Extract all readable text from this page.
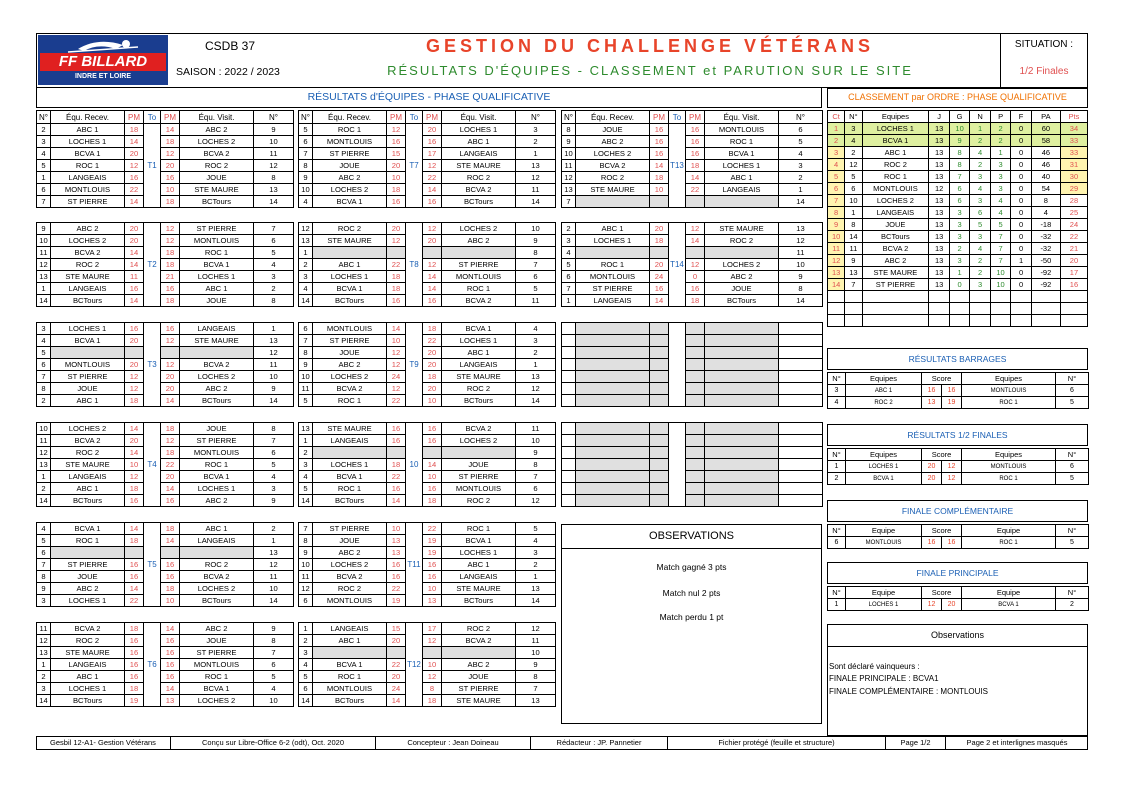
FF BILLARD
INDRE ET LOIRE
CSDB 37
SAISON : 2022 / 2023
GESTION DU CHALLENGE VÉTÉRANS
RÉSULTATS D'ÉQUIPES - CLASSEMENT et PARUTION SUR LE SITE
SITUATION :
1/2 Finales
RÉSULTATS d'ÉQUIPES - PHASE QUALIFICATIVE
N°	Équ. Recev.	PM	To	PM	Équ. Visit.	N°
2	ABC 1	18	T1	14	ABC 2	9
3	LOCHES 1	14		18	LOCHES 2	10
4	BCVA 1	20		12	BCVA 2	11
5	ROC 1	12		20	ROC 2	12
1	LANGEAIS	16		16	JOUE	8
6	MONTLOUIS	22		10	STE MAURE	13
7	ST PIERRE	14		18	BCTours	14
N°	Équ. Recev.	PM	To	PM	Équ. Visit.	N°
5	ROC 1	12	T7	20	LOCHES 1	3
6	MONTLOUIS	16		16	ABC 1	2
7	ST PIERRE	15		17	LANGEAIS	1
8	JOUE	20		12	STE MAURE	13
9	ABC 2	10		22	ROC 2	12
10	LOCHES 2	18		14	BCVA 2	11
4	BCVA 1	16		16	BCTours	14
N°	Équ. Recev.	PM	To	PM	Équ. Visit.	N°
8	JOUE	16	T13	16	MONTLOUIS	6
9	ABC 2	16		16	ROC 1	5
10	LOCHES 2	16		16	BCVA 1	4
11	BCVA 2	14		18	LOCHES 1	3
12	ROC 2	18		14	ABC 1	2
13	STE MAURE	10		22	LANGEAIS	1
7						14
9	ABC 2	20	T2	12	ST PIERRE	7
10	LOCHES 2	20		12	MONTLOUIS	6
11	BCVA 2	14		18	ROC 1	5
12	ROC 2	14		18	BCVA 1	4
13	STE MAURE	11		21	LOCHES 1	3
1	LANGEAIS	16		16	ABC 1	2
14	BCTours	14		18	JOUE	8
12	ROC 2	20	T8	12	LOCHES 2	10
13	STE MAURE	12		20	ABC 2	9
1						8
2	ABC 1	22		12	ST PIERRE	7
3	LOCHES 1	18		14	MONTLOUIS	6
4	BCVA 1	18		14	ROC 1	5
14	BCTours	16		16	BCVA 2	11
2	ABC 1	20	T14	12	STE MAURE	13
3	LOCHES 1	18		14	ROC 2	12
4						11
5	ROC 1	20		12	LOCHES 2	10
6	MONTLOUIS	24		0	ABC 2	9
7	ST PIERRE	16		16	JOUE	8
1	LANGEAIS	14		18	BCTours	14
3	LOCHES 1	16	T3	16	LANGEAIS	1
4	BCVA 1	20		12	STE MAURE	13
5						12
6	MONTLOUIS	20		12	BCVA 2	11
7	ST PIERRE	12		20	LOCHES 2	10
8	JOUE	12		20	ABC 2	9
2	ABC 1	18		14	BCTours	14
6	MONTLOUIS	14	T9	18	BCVA 1	4
7	ST PIERRE	10		22	LOCHES 1	3
8	JOUE	12		20	ABC 1	2
9	ABC 2	12		20	LANGEAIS	1
10	LOCHES 2	24		18	STE MAURE	13
11	BCVA 2	12		20	ROC 2	12
5	ROC 1	22		10	BCTours	14

10	LOCHES 2	14	T4	18	JOUE	8
11	BCVA 2	20		12	ST PIERRE	7
12	ROC 2	14		18	MONTLOUIS	6
13	STE MAURE	10		22	ROC 1	5
1	LANGEAIS	12		20	BCVA 1	4
2	ABC 1	18		14	LOCHES 1	3
14	BCTours	16		16	ABC 2	9
13	STE MAURE	16	10	16	BCVA 2	11
1	LANGEAIS	16		16	LOCHES 2	10
2						9
3	LOCHES 1	18		14	JOUE	8
4	BCVA 1	22		10	ST PIERRE	7
5	ROC 1	16		16	MONTLOUIS	6
14	BCTours	14		18	ROC 2	12

4	BCVA 1	14	T5	18	ABC 1	2
5	ROC 1	18		14	LANGEAIS	1
6						13
7	ST PIERRE	16		16	ROC 2	12
8	JOUE	16		16	BCVA 2	11
9	ABC 2	14		18	LOCHES 2	10
3	LOCHES 1	22		10	BCTours	14
7	ST PIERRE	10	T11	22	ROC 1	5
8	JOUE	13		19	BCVA 1	4
9	ABC 2	13		19	LOCHES 1	3
10	LOCHES 2	16		16	ABC 1	2
11	BCVA 2	16		16	LANGEAIS	1
12	ROC 2	22		10	STE MAURE	13
6	MONTLOUIS	19		13	BCTours	14
11	BCVA 2	18	T6	14	ABC 2	9
12	ROC 2	16		16	JOUE	8
13	STE MAURE	16		16	ST PIERRE	7
1	LANGEAIS	16		16	MONTLOUIS	6
2	ABC 1	16		16	ROC 1	5
3	LOCHES 1	18		14	BCVA 1	4
14	BCTours	19		13	LOCHES 2	10
1	LANGEAIS	15	T12	17	ROC 2	12
2	ABC 1	20		12	BCVA 2	11
3						10
4	BCVA 1	22		10	ABC 2	9
5	ROC 1	20		12	JOUE	8
6	MONTLOUIS	24		8	ST PIERRE	7
14	BCTours	14		18	STE MAURE	13
OBSERVATIONS
Match gagné 3 pts
Match nul 2 pts
Match perdu 1 pt
CLASSEMENT par ORDRE : PHASE QUALIFICATIVE
Ct	N°	Equipes	J	G	N	P	F	PA	Pts
1	3	LOCHES 1	13	10	1	2	0	60	34
2	4	BCVA 1	13	9	2	2	0	58	33
3	2	ABC 1	13	8	4	1	0	46	33
4	12	ROC 2	13	8	2	3	0	46	31
5	5	ROC 1	13	7	3	3	0	40	30
6	6	MONTLOUIS	12	6	4	3	0	54	29
7	10	LOCHES 2	13	6	3	4	0	8	28
8	1	LANGEAIS	13	3	6	4	0	4	25
9	8	JOUE	13	3	5	5	0	-18	24
10	14	BCTours	13	3	3	7	0	-32	22
11	11	BCVA 2	13	2	4	7	0	-32	21
12	9	ABC 2	13	3	2	7	1	-50	20
13	13	STE MAURE	13	1	2	10	0	-92	17
14	7	ST PIERRE	13	0	3	10	0	-92	16

RÉSULTATS BARRAGES
N°	Equipes	Score		Equipes	N°
3	ABC 1	16	16	MONTLOUIS	6
4	ROC 2	13	19	ROC 1	5
RÉSULTATS 1/2 FINALES
N°	Equipes	Score		Equipes	N°
1	LOCHES 1	20	12	MONTLOUIS	6
2	BCVA 1	20	12	ROC 1	5
FINALE COMPLÉMENTAIRE
N°	Equipe	Score		Equipe	N°
6	MONTLOUIS	16	16	ROC 1	5
FINALE PRINCIPALE
N°	Equipe	Score		Equipe	N°
1	LOCHES 1	12	20	BCVA 1	2
Observations
Sont déclaré vainqueurs :
FINALE PRINCIPALE : BCVA1
FINALE COMPLÉMENTAIRE : MONTLOUIS
Gesbil 12-A1- Gestion Vétérans	Conçu sur Libre-Office 6-2 (odt), Oct. 2020	Concepteur : Jean Doineau	Rédacteur : JP. Pannetier	Fichier protégé (feuille et structure)	Page 1/2	Page 2 et interlignes masqués
